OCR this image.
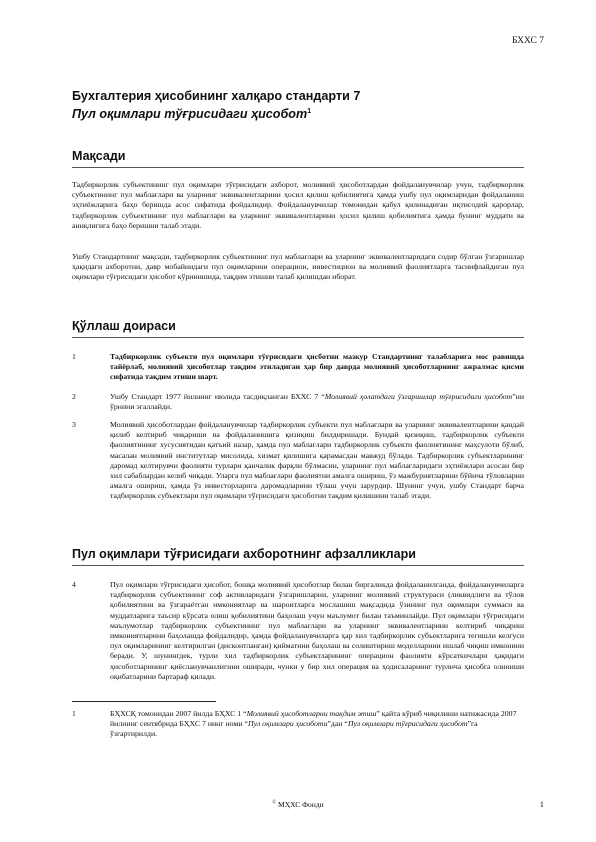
БХХС 7

Бухгалтерия ҳисобининг халқаро стандарти 7

Пул оқимлари тўғрисидаги ҳисобот$^1$

Мақсади

Тадбиркорлик субъектининг пул оқимлари тўғрисидаги ахборот, молиявий ҳисоботлардан фойдаланувчилар учун, тадбиркорлик субъектининг пул маблағлари ва уларнинг эквивалентларини ҳосил қилиш қобилиятига ҳамда ушбу пул оқимларидан фойдаланиш эҳтиёжларига баҳо беришда асос сифатида фойдалидир. Фойдаланувчилар томонидан қабул қилинадиган иқтисодий қарорлар, тадбиркорлик субъектининг пул маблағлари ва уларнинг эквивалентларини ҳосил қилиш қобилиятига ҳамда бунинг муддати ва аниқлигига баҳо беришни талаб этади.

Ушбу Стандартнинг мақсади, тадбиркорлик субъектининг пул маблағлари ва уларнинг эквивалентларидаги содир бўлган ўзгаришлар ҳақидаги ахборотни, давр мобайнидаги пул оқимларини операцион, инвестицион ва молиявий фаолиятларга таснифлайдиган пул оқимлари тўғрисидаги ҳисобот кўринишида, тақдим этишни талаб қилишдан иборат.

Қўллаш доираси
1	Тадбиркорлик субъекти пул оқимлари тўғрисидаги ҳисботни мазкур Стандартнинг талабларига мос равишда тайёрлаб, молиявий ҳисоботлар тақдим этиладиган ҳар бир даврда молиявий ҳисоботларнинг ажралмас қисми сифатида тақдим этиши шарт.

2	Ушбу Стандарт 1977 йилнинг июлида тасдиқланган БХХС 7 “Молиявий ҳолатдаги ўзгаришлар тўғрисидаги ҳисобот”ни ўрнини эгаллайди.

3	Молиявий ҳисоботлардан фойдаланувчилар тадбиркорлик субъекти пул маблағлари ва уларнинг эквивалентларини қандай қилиб келтириб чиқариши ва фойдаланишига қизиқиш билдиришади. Бундай қизиқиш, тадбиркорлик субъекти фаолиятининг хусусиятидан қатъий назар, ҳамда пул маблағлари тадбиркорлик субъекти фаолиятининг маҳсулоти бўлиб, масалан молиявий институтлар мисолида, хизмат қилишига қарамасдан мавжуд бўлади. Тадбиркорлик субъектларининг даромад келтирувчи фаолияти турлари қанчалик фарқли бўлмасин, уларнинг пул маблағларидаги эҳтиёжлари асосан бир хил сабаблардан келиб чиқади. Уларга пул маблағлари фаолиятни амалга ошириш, ўз мажбуриятларини бўйича тўловларни амалга ошириш, ҳамда ўз инвесторларига даромадларини тўлаш учун зарурдир. Шунинг учун, ушбу Стандарт барча тадбиркорлик субъектлари пул оқимлари тўғрисидаги ҳисоботни тақдим қилишини талаб этади.

Пул оқимлари тўғрисидаги ахборотнинг афзалликлари
4	Пул оқимлари тўғрисидаги ҳисобот, бошқа молиявий ҳисоботлар билан биргаликда фойдаланилганда, фойдаланувчиларга тадбиркорлик субъектининг соф активларидаги ўзгаришларни, уларнинг молиявий структураси (ликвидлиги ва тўлов қобилиятини ва ўзгараётган имкониятлар ва шароитларга мослашиш мақсадида ўзининг пул оқимлари суммаси ва муддатларига таъсир кўрсата олиш қобилиятини баҳолаш учун маълумот билан таъминлайди. Пул оқимлари тўғрисидаги маълумотлар тадбиркорлик субъектининг пул маблағлари ва уларнинг эквивалентларини келтириб чиқариш имкониятларини баҳолашда фойдалидир, ҳамда фойдаланувчиларга ҳар хил тадбиркорлик субъектларига тегишли келгуси пул оқимларининг келтирилган (дисконтланган) қийматини баҳолаш ва солиштириш моделларини ишлаб чиқиш имконини беради. У, шунингдек, турли хил тадбиркорлик субъектларининг операцион фаолияти кўрсаткичлари ҳақидаги ҳисоботларининг қиёсланувчанлигини оширади, чунки у бир хил операция ва ҳодисаларнинг турлича ҳисобга олиниши оқибатларини бартараф қилади.

1	БҲХСҚ томонидан 2007 йилда БҲХС 1 “Молиявий ҳисоботларни тақдим этиш” қайта кўриб чиқилиши натижасида 2007 йилнинг сентябрида БҲХС 7 нинг номи “Пул оқимлари ҳисоботи”дан “Пул оқимлари тўғрисидаги ҳисобот”га ўзгартирилди.

© МҲХС Фонди	1
